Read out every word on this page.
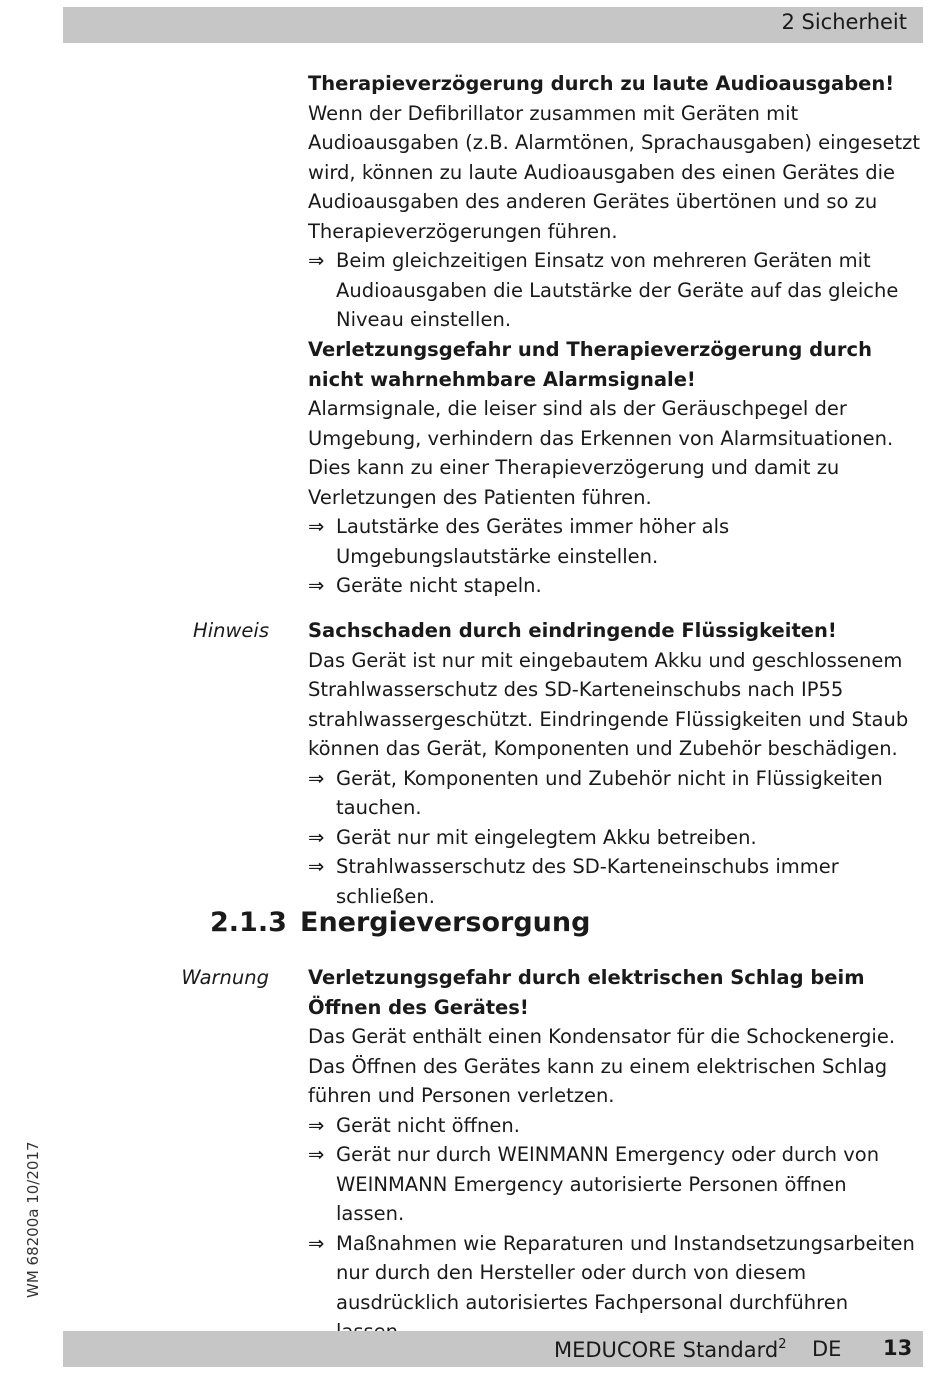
2 Sicherheit

Therapieverzögerung durch zu laute Audioausgaben!

Wenn der Defibrillator zusammen mit Geräten mit Audioausgaben (z.B. Alarmtönen, Sprachausgaben) eingesetzt wird, können zu laute Audioausgaben des einen Gerätes die Audioausgaben des anderen Gerätes übertönen und so zu Therapieverzögerungen führen.

⇒ Beim gleichzeitigen Einsatz von mehreren Geräten mit Audioausgaben die Lautstärke der Geräte auf das gleiche Niveau einstellen.

Verletzungsgefahr und Therapieverzögerung durch nicht wahrnehmbare Alarmsignale!

Alarmsignale, die leiser sind als der Geräuschpegel der Umgebung, verhindern das Erkennen von Alarmsituationen. Dies kann zu einer Therapieverzögerung und damit zu Verletzungen des Patienten führen.

⇒ Lautstärke des Gerätes immer höher als Umgebungslautstärke einstellen.
⇒ Geräte nicht stapeln.
Hinweis Sachschaden durch eindringende Flüssigkeiten!

Das Gerät ist nur mit eingebautem Akku und geschlossenem Strahlwasserschutz des SD-Karteneinschubs nach IP55 strahlwassergeschützt. Eindringende Flüssigkeiten und Staub können das Gerät, Komponenten und Zubehör beschädigen.

⇒ Gerät, Komponenten und Zubehör nicht in Flüssigkeiten tauchen.
⇒ Gerät nur mit eingelegtem Akku betreiben.
⇒ Strahlwasserschutz des SD-Karteneinschubs immer schließen.
2.1.3 Energieversorgung
Warnung Verletzungsgefahr durch elektrischen Schlag beim Öffnen des Gerätes!

Das Gerät enthält einen Kondensator für die Schockenergie. Das Öffnen des Gerätes kann zu einem elektrischen Schlag führen und Personen verletzen.

⇒ Gerät nicht öffnen.
⇒ Gerät nur durch WEINMANN Emergency oder durch von WEINMANN Emergency autorisierte Personen öffnen lassen.
⇒ Maßnahmen wie Reparaturen und Instandsetzungsarbeiten nur durch den Hersteller oder durch von diesem ausdrücklich autorisiertes Fachpersonal durchführen
WM 68200a 10/2017
MEDUCORE Standard$^2$ DE 13
